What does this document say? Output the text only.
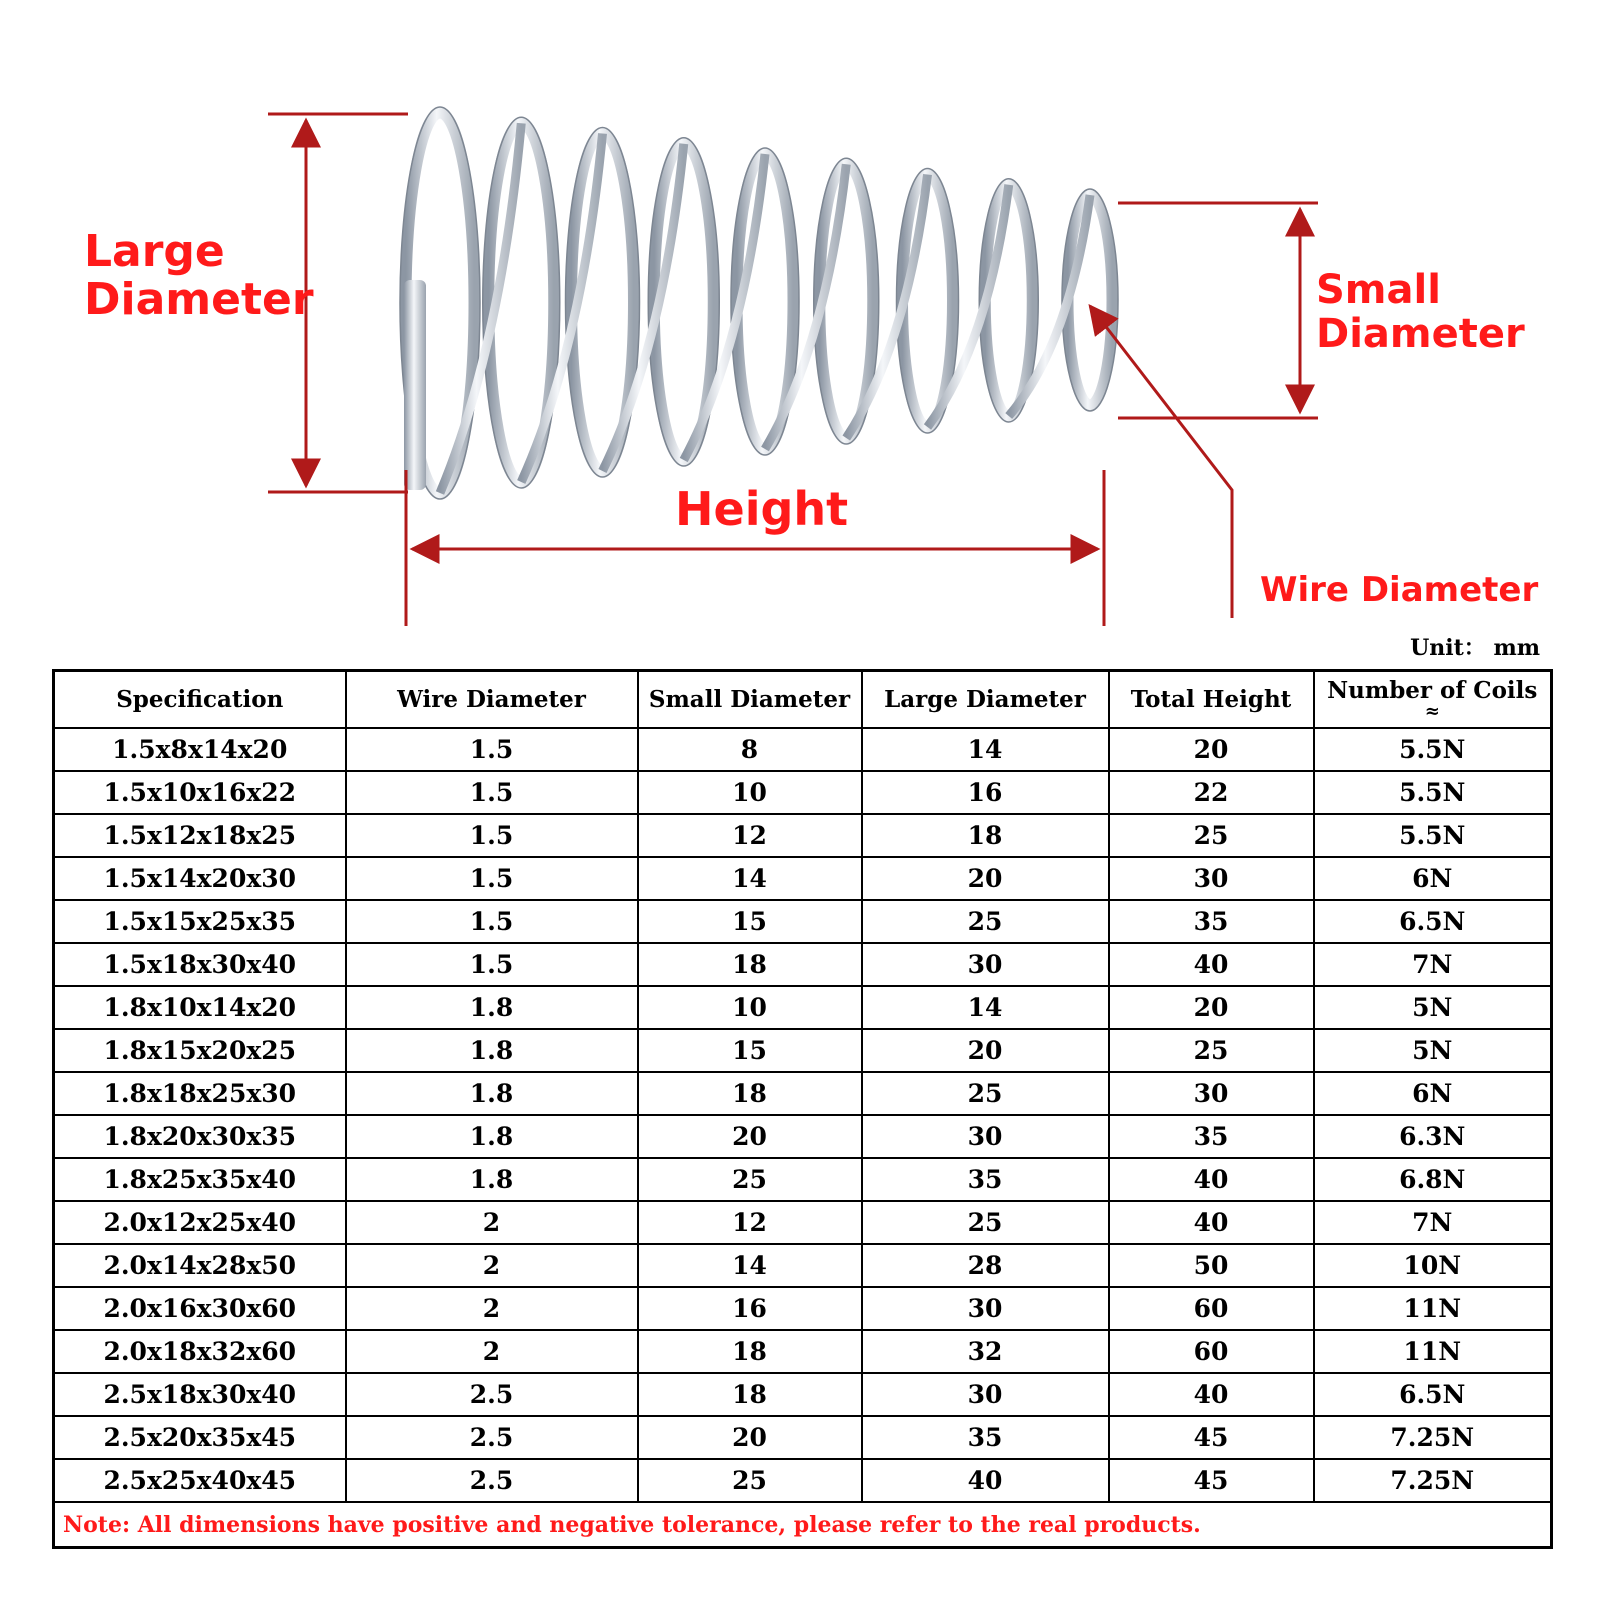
Large
Diameter	Small
Diameter
Height
Wire Diameter
Unit： mm
Specification	Wire Diameter	Small Diameter	Large Diameter	Total Height	Number of Coils
≈

1.5x8x14x20	1.5	8	14	20	5.5N
1.5x10x16x22	1.5	10	16	22	5.5N
1.5x12x18x25	1.5	12	18	25	5.5N
1.5x14x20x30	1.5	14	20	30	6N
1.5x15x25x35	1.5	15	25	35	6.5N
1.5x18x30x40	1.5	18	30	40	7N
1.8x10x14x20	1.8	10	14	20	5N
1.8x15x20x25	1.8	15	20	25	5N
1.8x18x25x30	1.8	18	25	30	6N
1.8x20x30x35	1.8	20	30	35	6.3N
1.8x25x35x40	1.8	25	35	40	6.8N
2.0x12x25x40	2	12	25	40	7N
2.0x14x28x50	2	14	28	50	10N
2.0x16x30x60	2	16	30	60	11N
2.0x18x32x60	2	18	32	60	11N
2.5x18x30x40	2.5	18	30	40	6.5N
2.5x20x35x45	2.5	20	35	45	7.25N
2.5x25x40x45	2.5	25	40	45	7.25N
Note: All dimensions have positive and negative tolerance, please refer to the real products.					
